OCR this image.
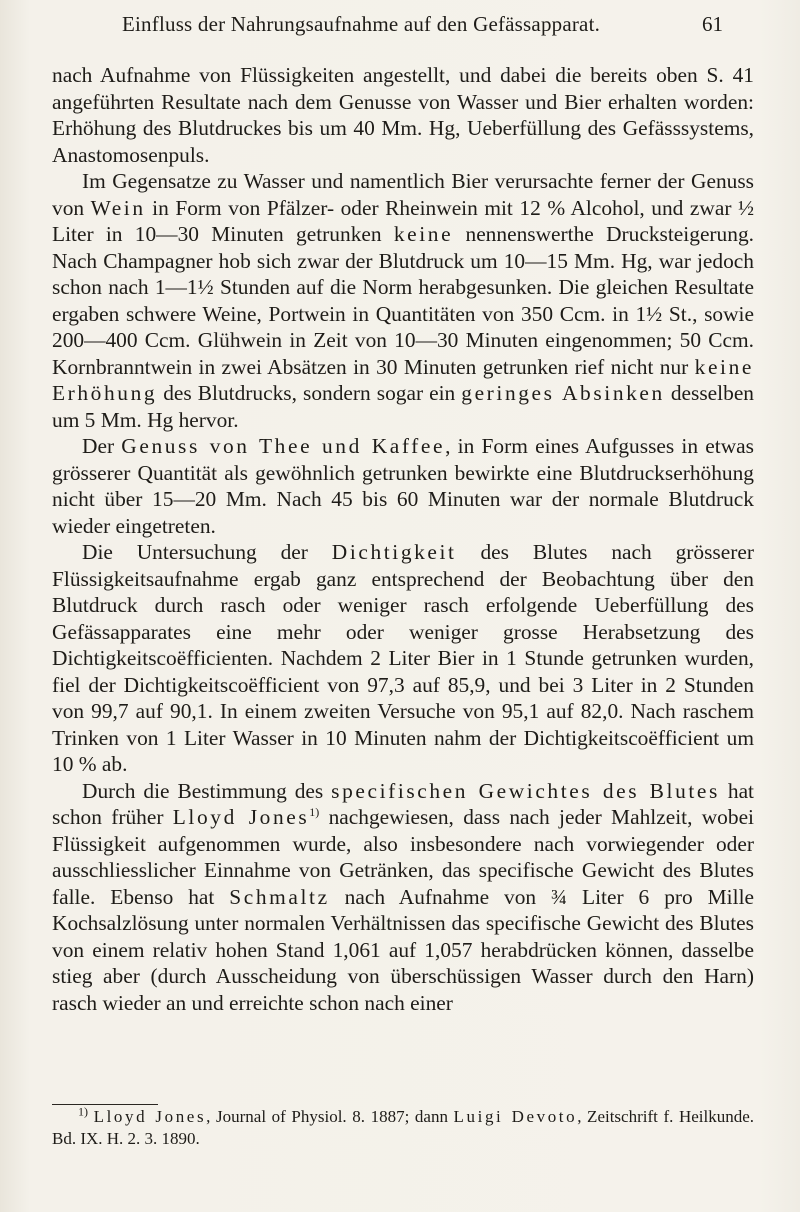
Einfluss der Nahrungsaufnahme auf den Gefässapparat.	61

nach Aufnahme von Flüssigkeiten angestellt, und dabei die bereits oben S. 41 angeführten Resultate nach dem Genusse von Wasser und Bier erhalten worden: Erhöhung des Blutdruckes bis um 40 Mm. Hg, Ueberfüllung des Gefässsystems, Anastomosenpuls.

Im Gegensatze zu Wasser und namentlich Bier verursachte ferner der Genuss von Wein in Form von Pfälzer- oder Rheinwein mit 12 % Alcohol, und zwar ½ Liter in 10—30 Minuten getrunken keine nennenswerthe Drucksteigerung. Nach Champagner hob sich zwar der Blutdruck um 10—15 Mm. Hg, war jedoch schon nach 1—1½ Stunden auf die Norm herabgesunken. Die gleichen Resultate ergaben schwere Weine, Portwein in Quantitäten von 350 Ccm. in 1½ St., sowie 200—400 Ccm. Glühwein in Zeit von 10—30 Minuten eingenommen; 50 Ccm. Kornbranntwein in zwei Absätzen in 30 Minuten getrunken rief nicht nur keine Erhöhung des Blutdrucks, sondern sogar ein geringes Absinken desselben um 5 Mm. Hg hervor.

Der Genuss von Thee und Kaffee, in Form eines Aufgusses in etwas grösserer Quantität als gewöhnlich getrunken bewirkte eine Blutdruckserhöhung nicht über 15—20 Mm. Nach 45 bis 60 Minuten war der normale Blutdruck wieder eingetreten.

Die Untersuchung der Dichtigkeit des Blutes nach grösserer Flüssigkeitsaufnahme ergab ganz entsprechend der Beobachtung über den Blutdruck durch rasch oder weniger rasch erfolgende Ueberfüllung des Gefässapparates eine mehr oder weniger grosse Herabsetzung des Dichtigkeitscoëfficienten. Nachdem 2 Liter Bier in 1 Stunde getrunken wurden, fiel der Dichtigkeitscoëfficient von 97,3 auf 85,9, und bei 3 Liter in 2 Stunden von 99,7 auf 90,1. In einem zweiten Versuche von 95,1 auf 82,0. Nach raschem Trinken von 1 Liter Wasser in 10 Minuten nahm der Dichtigkeitscoëfficient um 10 % ab.

Durch die Bestimmung des specifischen Gewichtes des Blutes hat schon früher Lloyd Jones$^{1)}$ nachgewiesen, dass nach jeder Mahlzeit, wobei Flüssigkeit aufgenommen wurde, also insbesondere nach vorwiegender oder ausschliesslicher Einnahme von Getränken, das specifische Gewicht des Blutes falle. Ebenso hat Schmaltz nach Aufnahme von ¾ Liter 6 pro Mille Kochsalzlösung unter normalen Verhältnissen das specifische Gewicht des Blutes von einem relativ hohen Stand 1,061 auf 1,057 herabdrücken können, dasselbe stieg aber (durch Ausscheidung von überschüssigen Wasser durch den Harn) rasch wieder an und erreichte schon nach einer

$^{1)}$ Lloyd Jones, Journal of Physiol. 8. 1887; dann Luigi Devoto, Zeitschrift f. Heilkunde. Bd. IX. H. 2. 3. 1890.
